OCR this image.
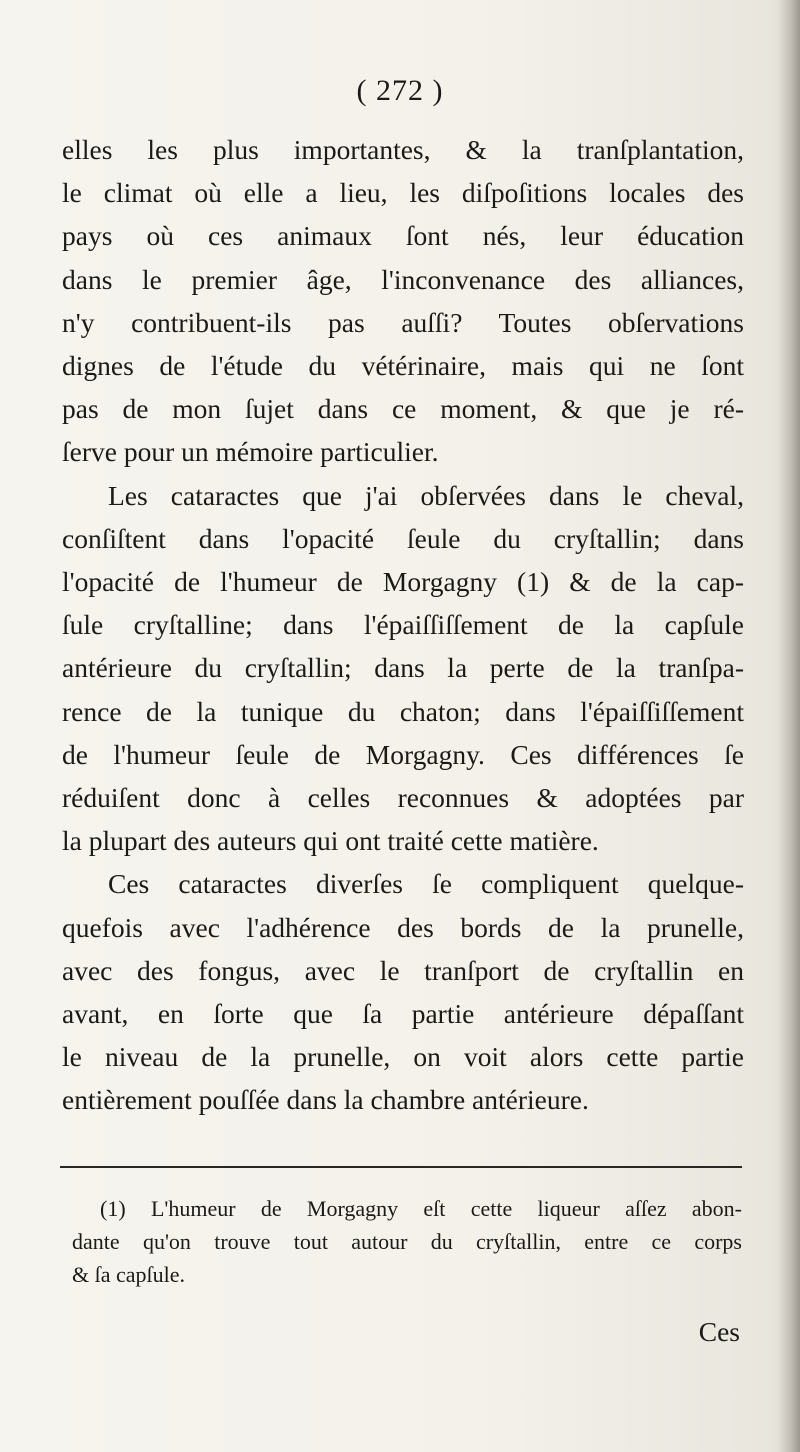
( 272 )
elles les plus importantes, & la tranſplantation,
le climat où elle a lieu, les diſpoſitions locales des
pays où ces animaux ſont nés, leur éducation
dans le premier âge, l'inconvenance des alliances,
n'y contribuent-ils pas auſſi? Toutes obſervations
dignes de l'étude du vétérinaire, mais qui ne ſont
pas de mon ſujet dans ce moment, & que je ré-
ſerve pour un mémoire particulier.
Les cataractes que j'ai obſervées dans le cheval,
conſiſtent dans l'opacité ſeule du cryſtallin; dans
l'opacité de l'humeur de Morgagny (1) & de la cap-
ſule cryſtalline; dans l'épaiſſiſſement de la capſule
antérieure du cryſtallin; dans la perte de la tranſpa-
rence de la tunique du chaton; dans l'épaiſſiſſement
de l'humeur ſeule de Morgagny. Ces différences ſe
réduiſent donc à celles reconnues & adoptées par
la plupart des auteurs qui ont traité cette matière.
Ces cataractes diverſes ſe compliquent quelque-
quefois avec l'adhérence des bords de la prunelle,
avec des fongus, avec le tranſport de cryſtallin en
avant, en ſorte que ſa partie antérieure dépaſſant
le niveau de la prunelle, on voit alors cette partie
entièrement pouſſée dans la chambre antérieure.
(1) L'humeur de Morgagny eſt cette liqueur aſſez abon-
dante qu'on trouve tout autour du cryſtallin, entre ce corps
& ſa capſule.
Ces
